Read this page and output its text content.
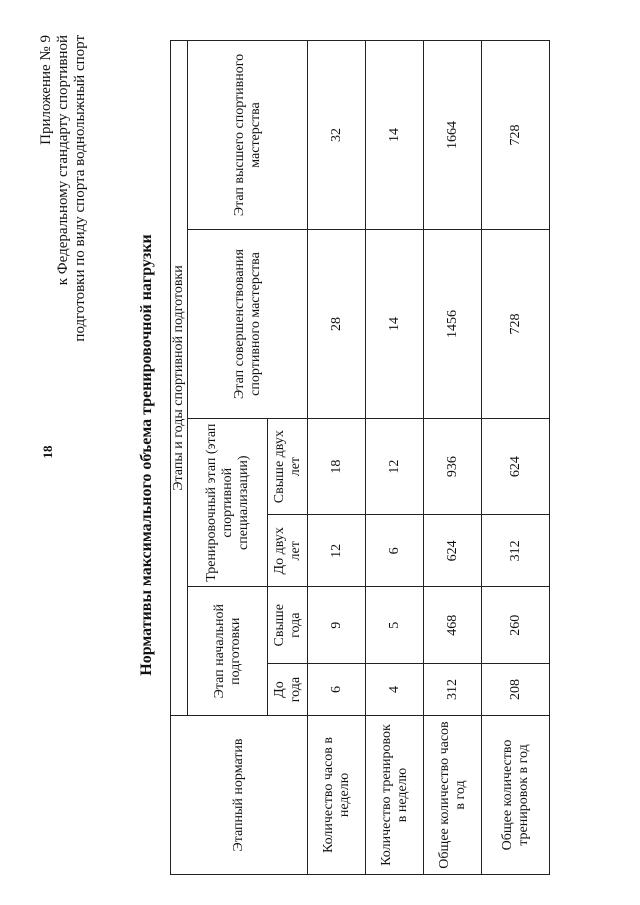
18
Приложение № 9 к Федеральному стандарту спортивной подготовки по виду спорта воднолыжный спорт
Нормативы максимального объема тренировочной нагрузки
Этапный норматив	Этапы и годы спортивной подготовки					
	Этап начальной подготовки		Тренировочный этап (этап спортивной специализации)		Этап совершенствования спортивного мастерства	Этап высшего спортивного мастерства
	До года	Свыше года	До двух лет	Свыше двух лет		
Количество часов в неделю	6	9	12	18	28	32
Количество тренировок в неделю	4	5	6	12	14	14
Общее количество часов в год	312	468	624	936	1456	1664
Общее количество тренировок в год	208	260	312	624	728	728
